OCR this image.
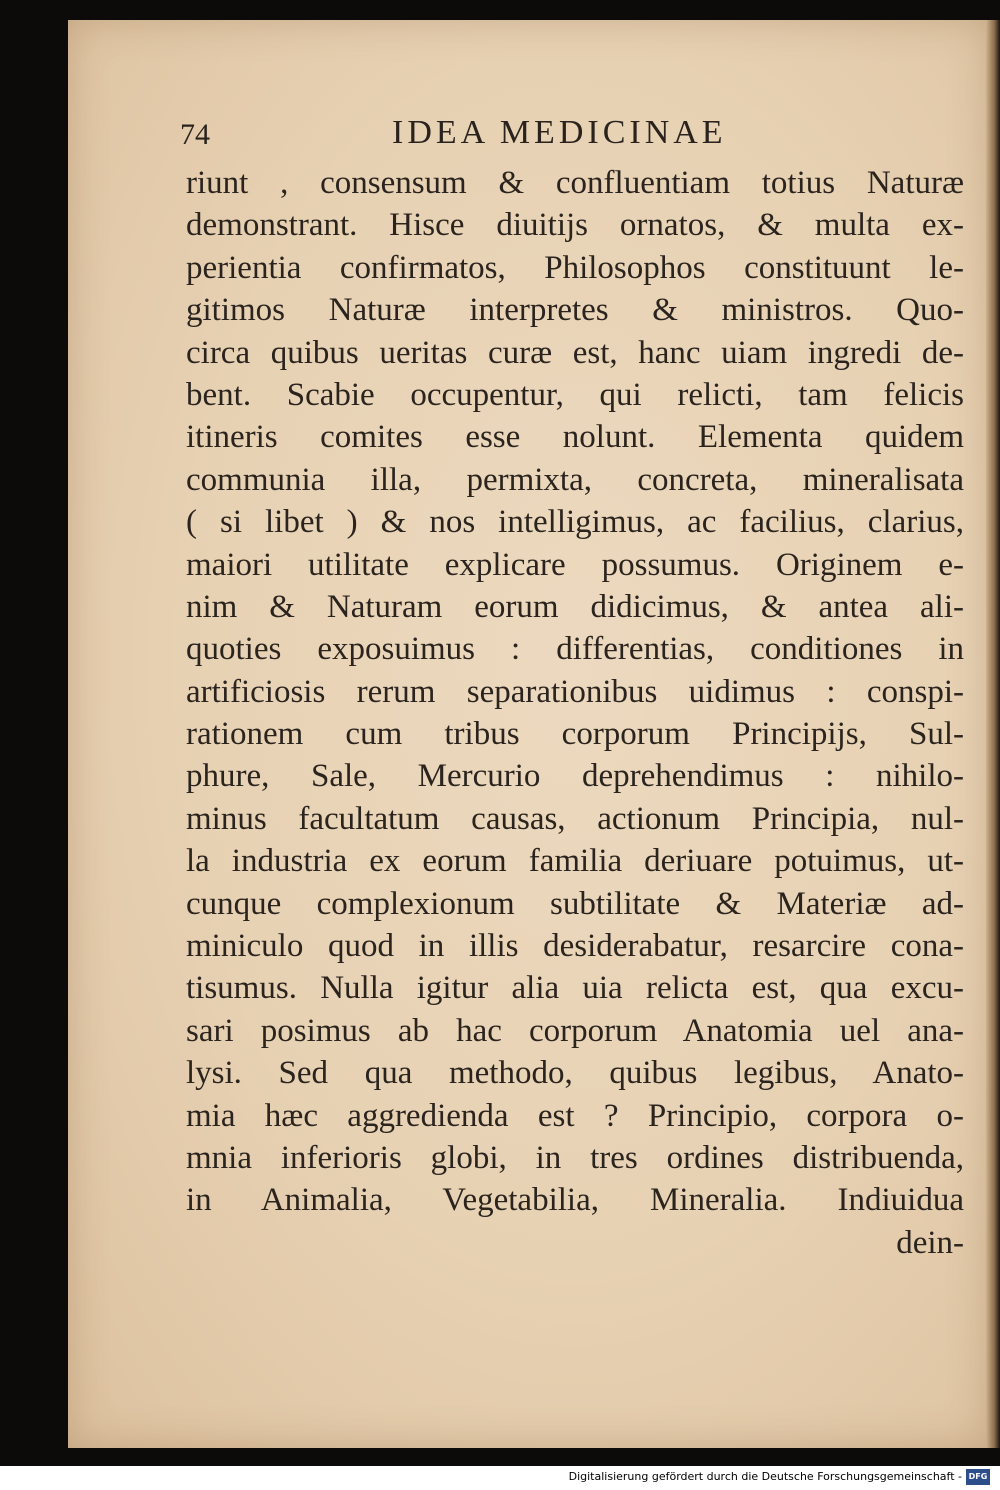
74	IDEA MEDICINAE
riunt , consensum & confluentiam totius Naturæ
demonstrant. Hisce diuitijs ornatos, & multa ex-
perientia confirmatos, Philosophos constituunt le-
gitimos Naturæ interpretes & ministros. Quo-
circa quibus ueritas curæ est, hanc uiam ingredi de-
bent. Scabie occupentur, qui relicti, tam felicis
itineris comites esse nolunt. Elementa quidem
communia illa, permixta, concreta, mineralisata
( si libet ) & nos intelligimus, ac facilius, clarius,
maiori utilitate explicare possumus. Originem e-
nim & Naturam eorum didicimus, & antea ali-
quoties exposuimus : differentias, conditiones in
artificiosis rerum separationibus uidimus : conspi-
rationem cum tribus corporum Principijs, Sul-
phure, Sale, Mercurio deprehendimus : nihilo-
minus facultatum causas, actionum Principia, nul-
la industria ex eorum familia deriuare potuimus, ut-
cunque complexionum subtilitate & Materiæ ad-
miniculo quod in illis desiderabatur, resarcire cona-
tisumus. Nulla igitur alia uia relicta est, qua excu-
sari posimus ab hac corporum Anatomia uel ana-
lysi. Sed qua methodo, quibus legibus, Anato-
mia hæc aggredienda est ? Principio, corpora o-
mnia inferioris globi, in tres ordines distribuenda,
in Animalia, Vegetabilia, Mineralia. Indiuidua
dein-
Digitalisierung gefördert durch die Deutsche Forschungsgemeinschaft - DFG
